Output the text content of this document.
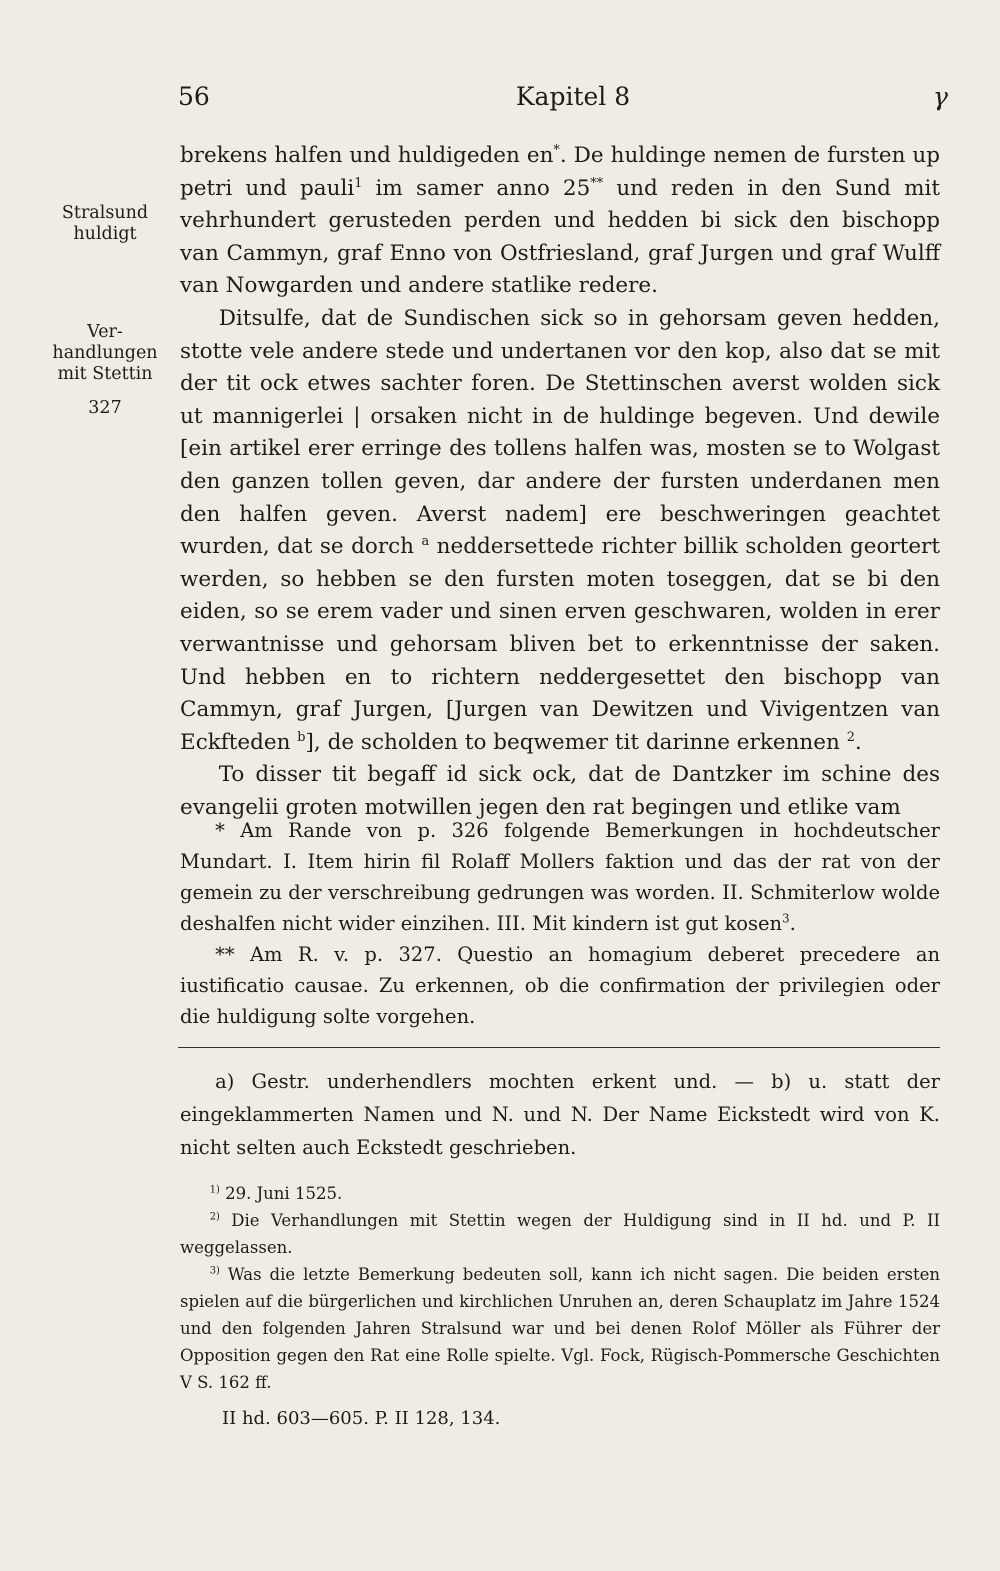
56	Kapitel 8	γ
Stralsund huldigt
Ver-handlungen mit Stettin
327

brekens halfen und huldigeden en*. De huldinge nemen de fursten up petri und pauli$^1$ im samer anno 25** und reden in den Sund mit vehrhundert gerusteden perden und hedden bi sick den bischopp van Cammyn, graf Enno von Ostfriesland, graf Jurgen und graf Wulff van Nowgarden und andere statlike redere.

Ditsulfe, dat de Sundischen sick so in gehorsam geven hedden, stotte vele andere stede und undertanen vor den kop, also dat se mit der tit ock etwes sachter foren. De Stettinschen averst wolden sick ut mannigerlei | orsaken nicht in de huldinge begeven. Und dewile [ein artikel erer erringe des tollens halfen was, mosten se to Wolgast den ganzen tollen geven, dar andere der fursten underdanen men den halfen geven. Averst nadem] ere beschweringen geachtet wurden, dat se dorch $^a$ neddersettede richter billik scholden geortert werden, so hebben se den fursten moten toseggen, dat se bi den eiden, so se erem vader und sinen erven geschwaren, wolden in erer verwantnisse und gehorsam bliven bet to erkenntnisse der saken. Und hebben en to richtern neddergesettet den bischopp van Cammyn, graf Jurgen, [Jurgen van Dewitzen und Vivigentzen van Eckfteden $^b$], de scholden to beqwemer tit darinne erkennen $^2$.

To disser tit begaff id sick ock, dat de Dantzker im schine des evangelii groten motwillen jegen den rat begingen und etlike vam

* Am Rande von p. 326 folgende Bemerkungen in hochdeutscher Mundart. I. Item hirin fil Rolaff Mollers faktion und das der rat von der gemein zu der verschreibung gedrungen was worden. II. Schmiterlow wolde deshalfen nicht wider einzihen. III. Mit kindern ist gut kosen$^3$.

** Am R. v. p. 327. Questio an homagium deberet precedere an iustificatio causae. Zu erkennen, ob die confirmation der privilegien oder die huldigung solte vorgehen.

a) Gestr. underhendlers mochten erkent und. — b) u. statt der eingeklammerten Namen und N. und N. Der Name Eickstedt wird von K. nicht selten auch Eckstedt geschrieben.

$^{1)}$ 29. Juni 1525.

$^{2)}$ Die Verhandlungen mit Stettin wegen der Huldigung sind in II hd. und P. II weggelassen.

$^{3)}$ Was die letzte Bemerkung bedeuten soll, kann ich nicht sagen. Die beiden ersten spielen auf die bürgerlichen und kirchlichen Unruhen an, deren Schauplatz im Jahre 1524 und den folgenden Jahren Stralsund war und bei denen Rolof Möller als Führer der Opposition gegen den Rat eine Rolle spielte. Vgl. Fock, Rügisch-Pommersche Geschichten V S. 162 ff.

II hd. 603—605. P. II 128, 134.
